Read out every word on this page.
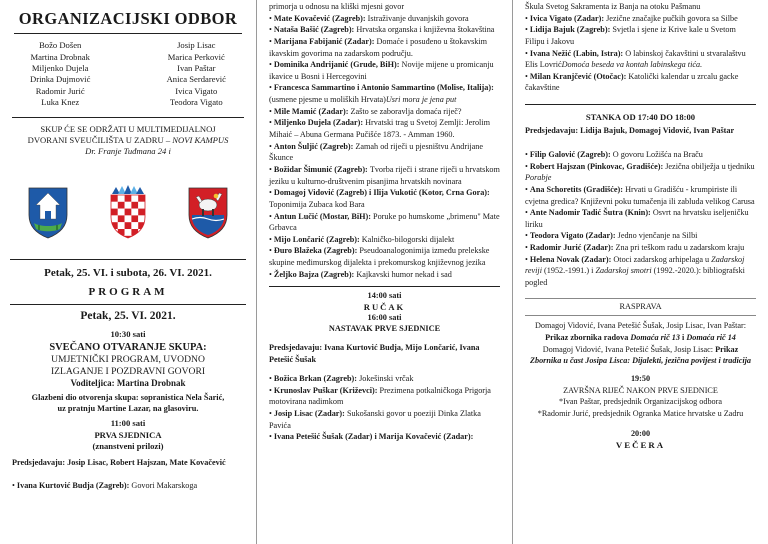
ORGANIZACIJSKI ODBOR
Božo Došen
Martina Drobnak
Miljenko Dujela
Drinka Dujmović
Radomir Jurić
Luka Knez
Josip Lisac
Marica Perković
Ivan Paštar
Anica Serdarević
Ivica Vigato
Teodora Vigato
SKUP ĆE SE ODRŽATI U MULTIMEDIJALNOJ
DVORANI SVEUČILIŠTA U ZADRU – NOVI KAMPUS
Dr. Franje Tuđmana 24 i
Petak, 25. VI. i subota, 26. VI. 2021.
PROGRAM
Petak, 25. VI. 2021.
10:30 sati
SVEČANO OTVARANJE SKUPA:
UMJETNIČKI PROGRAM, UVODNO
IZLAGANJE I POZDRAVNI GOVORI
Voditeljica: Martina Drobnak
Glazbeni dio otvorenja skupa: sopranistica Nela Šarić,
uz pratnju Martine Lazar, na glasoviru.
11:00 sati
PRVA SJEDNICA
(znanstveni prilozi)
Predsjedavaju: Josip Lisac, Robert Hajszan, Mate Kovačević
• Ivana Kurtović Budja (Zagreb): Govori Makarskoga

primorja u odnosu na kliški mjesni govor

• Mate Kovačević (Zagreb): Istraživanje duvanjskih govora

• Nataša Bašić (Zagreb): Hrvatska organska i književna štokavština

• Marijana Fabijanić (Zadar): Domaće i posuđeno u štokavskim ikavskim govorima na zadarskom području.

• Dominika Andrijanić (Grude, BiH): Novije mijene u promicanju ikavice u Bosni i Hercegovini

• Francesca Sammartino i Antonio Sammartino (Molise, Italija): (usmene pjesme u moliških Hrvata)Usri mora je jena put

• Mile Mamić (Zadar): Zašto se zaboravlja domaća riječ?

• Miljenko Dujela (Zadar): Hrvatski trag u Svetoj Zemlji: Jerolim Mihaić – Abuna Germana Pučišće 1873. - Amman 1960.

• Anton Šuljić (Zagreb): Zamah od riječi u pjesništvu Andrijane Škunce

• Božidar Šimunić (Zagreb): Tvorba riječi i strane riječi u hrvatskom jeziku u kulturno-društvenim pisanjima hrvatskih novinara

• Domagoj Vidović (Zagreb) i Ilija Vukotić (Kotor, Crna Gora): Toponimija Zubaca kod Bara

• Antun Lučić (Mostar, BiH): Poruke po humskome „brimenu" Mate Grbavca

• Mijo Lončarić (Zagreb): Kalničko-bilogorski dijalekt

• Đuro Blažeka (Zagreb): Pseudoanalogonimija između prelekske skupine međimurskog dijalekta i prekomurskog književnog jezika

• Željko Bajza (Zagreb): Kajkavski humor nekad i sad

14:00 sati
RUČAK
16:00 sati
NASTAVAK PRVE SJEDNICE

Predsjedavaju: Ivana Kurtović Budja, Mijo Lončarić, Ivana Petešić Šušak

• Božica Brkan (Zagreb): Jokešinski vrčak

• Krunoslav Puškar (Križevci): Prezimena potkalničkoga Prigorja motovirana nadimkom

• Josip Lisac (Zadar): Sukošanski govor u poeziji Dinka Zlatka Pavića

• Ivana Petešić Šušak (Zadar) i Marija Kovačević (Zadar):

Škula Svetog Sakramenta iz Banja na otoku Pašmanu

• Ivica Vigato (Zadar): Jezične značajke pučkih govora sa Silbe

• Lidija Bajuk (Zagreb): Svjetla i sjene iz Krive kale u Svetom Filipu i Jakovu

• Ivana Nežić (Labin, Istra): O labinskoj čakavštini u stvaralaštvu Elis LovrićDomoća beseda va kontah labinskega tića.

• Milan Kranjčević (Otočac): Katolički kalendar u zrcalu gacke čakavštine

STANKA OD 17:40 DO 18:00

Predsjedavaju: Lidija Bajuk, Domagoj Vidović, Ivan Paštar

• Filip Galović (Zagreb): O govoru Ložišća na Braču

• Robert Hajszan (Pinkovac, Gradišće): Jezična obilježja u tjedniku Porabje

• Ana Schoretits (Gradišće): Hrvati u Gradišću - krumpiriste ili cvjetna gredica? Književni poku tumačenja ili zabluda velikog Carusa

• Ante Nadomir Tadić Šutra (Knin): Osvrt na hrvatsku iseljeničku liriku

• Teodora Vigato (Zadar): Jedno vjenčanje na Silbi

• Radomir Jurić (Zadar): Zna pri teškom radu u zadarskom kraju

• Helena Novak (Zadar): Otoci zadarskog arhipelaga u Zadarskoj reviji (1952.-1991.) i Zadarskoj smotri (1992.-2020.): bibliografski pogled

RASPRAVA

Domagoj Vidović, Ivana Petešić Šušak, Josip Lisac, Ivan Paštar:

Prikaz zbornika radova Domaća rič 13 i Domaća rič 14

Domagoj Vidović, Ivana Petešić Šušak, Josip Lisac: Prikaz

Zbornika u čast Josipa Lisca: Dijalekti, jezična povijest i tradicija

19:50

ZAVRŠNA RIJEČ NAKON PRVE SJEDNICE

*Ivan Paštar, predsjednik Organizacijskog odbora

*Radomir Jurić, predsjednik Ogranka Matice hrvatske u Zadru

20:00

VEČERA
